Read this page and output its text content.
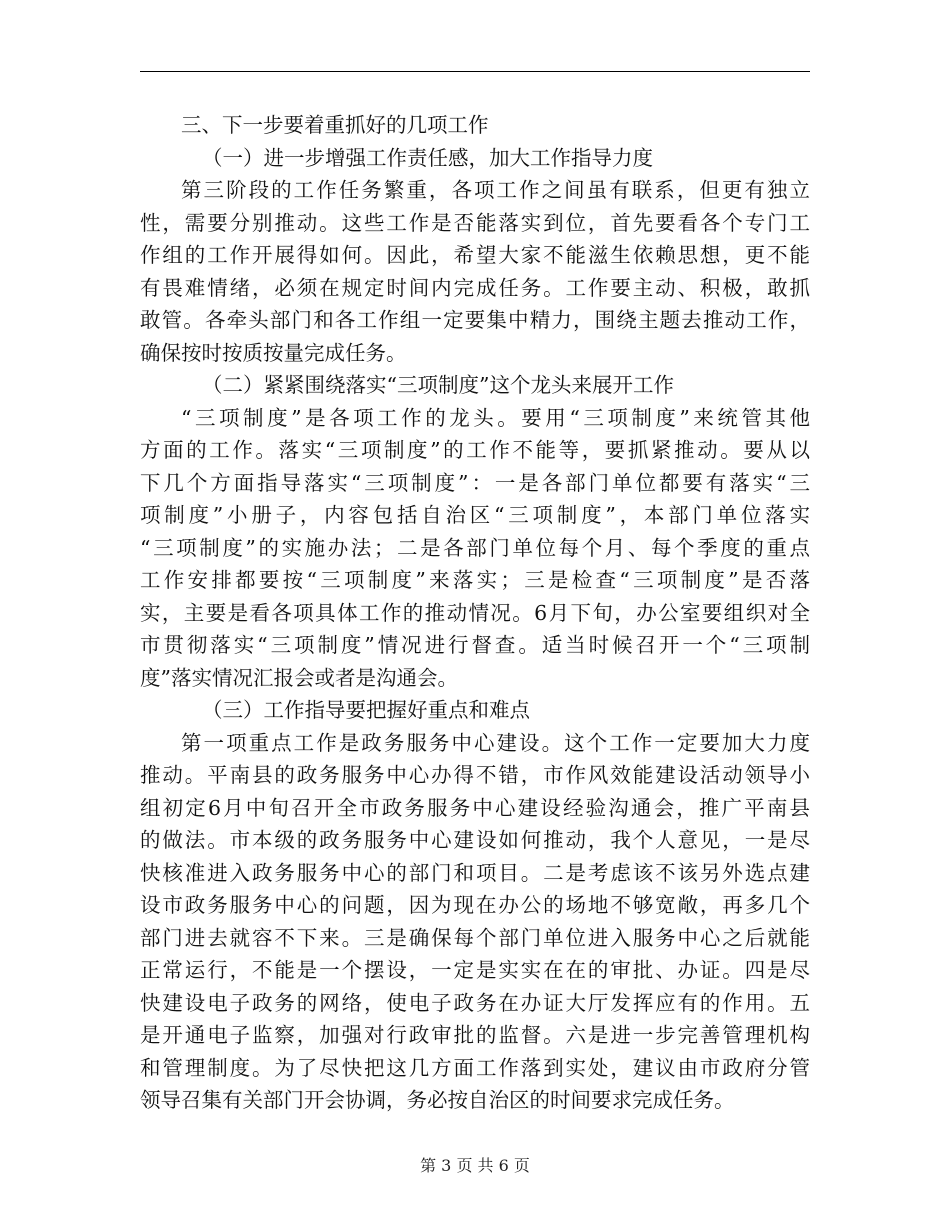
三、下一步要着重抓好的几项工作
（一）进一步增强工作责任感，加大工作指导力度
第三阶段的工作任务繁重，各项工作之间虽有联系，但更有独立
性，需要分别推动。这些工作是否能落实到位，首先要看各个专门工
作组的工作开展得如何。因此，希望大家不能滋生依赖思想，更不能
有畏难情绪，必须在规定时间内完成任务。工作要主动、积极，敢抓
敢管。各牵头部门和各工作组一定要集中精力，围绕主题去推动工作，
确保按时按质按量完成任务。
（二）紧紧围绕落实“三项制度”这个龙头来展开工作
“三项制度”是各项工作的龙头。要用“三项制度”来统管其他
方面的工作。落实“三项制度”的工作不能等，要抓紧推动。要从以
下几个方面指导落实“三项制度”：一是各部门单位都要有落实“三
项制度”小册子，内容包括自治区“三项制度”，本部门单位落实
“三项制度”的实施办法；二是各部门单位每个月、每个季度的重点
工作安排都要按“三项制度”来落实；三是检查“三项制度”是否落
实，主要是看各项具体工作的推动情况。6月下旬，办公室要组织对全
市贯彻落实“三项制度”情况进行督查。适当时候召开一个“三项制
度”落实情况汇报会或者是沟通会。
（三）工作指导要把握好重点和难点
第一项重点工作是政务服务中心建设。这个工作一定要加大力度
推动。平南县的政务服务中心办得不错，市作风效能建设活动领导小
组初定6月中旬召开全市政务服务中心建设经验沟通会，推广平南县
的做法。市本级的政务服务中心建设如何推动，我个人意见，一是尽
快核准进入政务服务中心的部门和项目。二是考虑该不该另外选点建
设市政务服务中心的问题，因为现在办公的场地不够宽敞，再多几个
部门进去就容不下来。三是确保每个部门单位进入服务中心之后就能
正常运行，不能是一个摆设，一定是实实在在的审批、办证。四是尽
快建设电子政务的网络，使电子政务在办证大厅发挥应有的作用。五
是开通电子监察，加强对行政审批的监督。六是进一步完善管理机构
和管理制度。为了尽快把这几方面工作落到实处，建议由市政府分管
领导召集有关部门开会协调，务必按自治区的时间要求完成任务。
第 3 页 共 6 页
